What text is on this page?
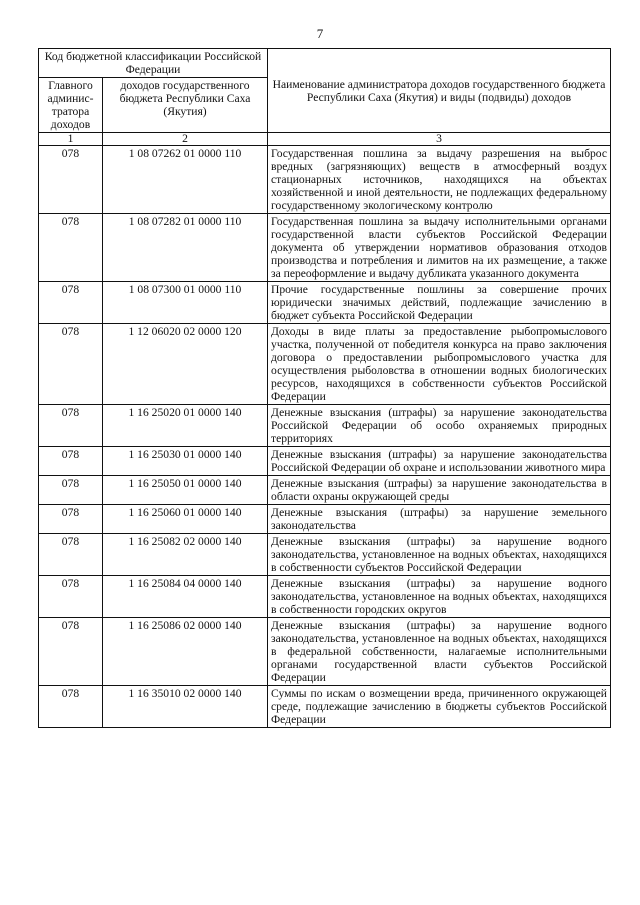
7
Код бюджетной классификации Российской Федерации		Наименование администратора доходов государственного бюджета Республики Саха (Якутия) и виды (подвиды) доходов
Главного админис-тратора доходов	доходов государственного бюджета Республики Саха (Якутия)	
1	2	3
078	1 08 07262 01 0000 110	Государственная пошлина за выдачу разрешения на выброс вредных (загрязняющих) веществ в атмосферный воздух стационарных источников, находящихся на объектах хозяйственной и иной деятельности, не подлежащих федеральному государственному экологическому контролю
078	1 08 07282 01 0000 110	Государственная пошлина за выдачу исполнительными органами государственной власти субъектов Российской Федерации документа об утверждении нормативов образования отходов производства и потребления и лимитов на их размещение, а также за переоформление и выдачу дубликата указанного документа
078	1 08 07300 01 0000 110	Прочие государственные пошлины за совершение прочих юридически значимых действий, подлежащие зачислению в бюджет субъекта Российской Федерации
078	1 12 06020 02 0000 120	Доходы в виде платы за предоставление рыбопромыслового участка, полученной от победителя конкурса на право заключения договора о предоставлении рыбопромыслового участка для осуществления рыболовства в отношении водных биологических ресурсов, находящихся в собственности субъектов Российской Федерации
078	1 16 25020 01 0000 140	Денежные взыскания (штрафы) за нарушение законодательства Российской Федерации об особо охраняемых природных территориях
078	1 16 25030 01 0000 140	Денежные взыскания (штрафы) за нарушение законодательства Российской Федерации об охране и использовании животного мира
078	1 16 25050 01 0000 140	Денежные взыскания (штрафы) за нарушение законодательства в области охраны окружающей среды
078	1 16 25060 01 0000 140	Денежные взыскания (штрафы) за нарушение земельного законодательства
078	1 16 25082 02 0000 140	Денежные взыскания (штрафы) за нарушение водного законодательства, установленное на водных объектах, находящихся в собственности субъектов Российской Федерации
078	1 16 25084 04 0000 140	Денежные взыскания (штрафы) за нарушение водного законодательства, установленное на водных объектах, находящихся в собственности городских округов
078	1 16 25086 02 0000 140	Денежные взыскания (штрафы) за нарушение водного законодательства, установленное на водных объектах, находящихся в федеральной собственности, налагаемые исполнительными органами государственной власти субъектов Российской Федерации
078	1 16 35010 02 0000 140	Суммы по искам о возмещении вреда, причиненного окружающей среде, подлежащие зачислению в бюджеты субъектов Российской Федерации
